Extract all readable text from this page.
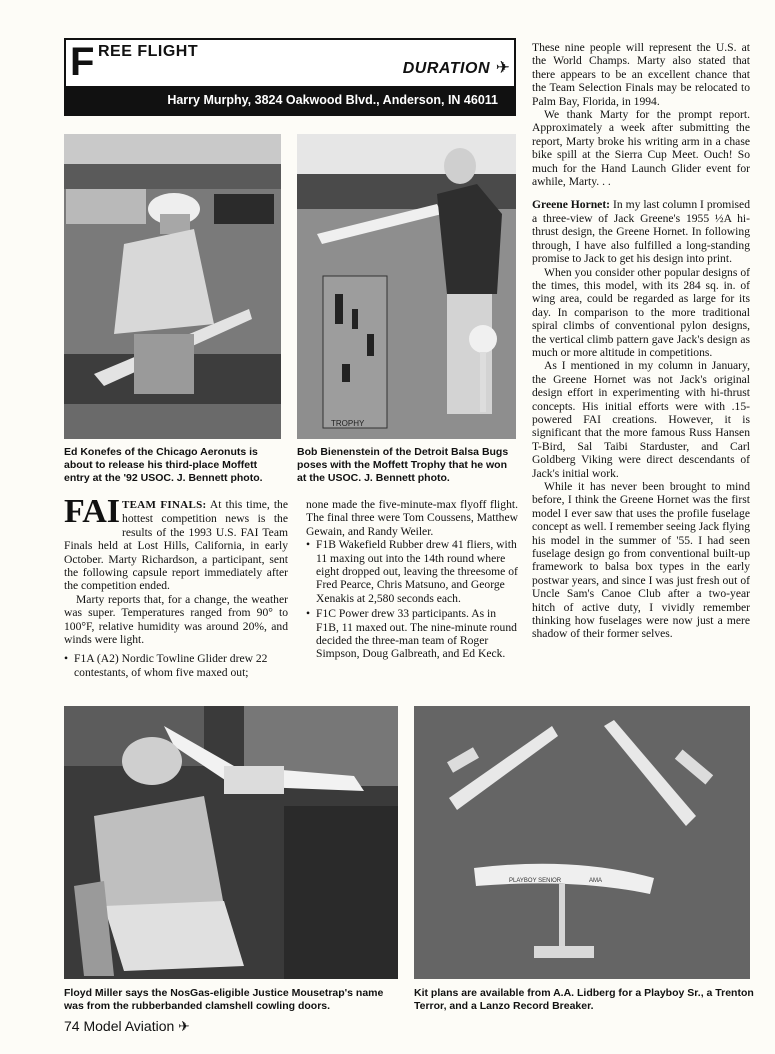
F REE FLIGHT
DURATION ✈
Harry Murphy, 3824 Oakwood Blvd., Anderson, IN 46011
Ed Konefes of the Chicago Aeronuts is about to release his third-place Moffett entry at the '92 USOC. J. Bennett photo.
TROPHY
Bob Bienenstein of the Detroit Balsa Bugs poses with the Moffett Trophy that he won at the USOC. J. Bennett photo.

FAI TEAM FINALS: At this time, the hottest competition news is the results of the 1993 U.S. FAI Team Finals held at Lost Hills, California, in early October. Marty Richardson, a participant, sent the following capsule report immediately after the competition ended.

Marty reports that, for a change, the weather was super. Temperatures ranged from 90° to 100°F, relative humidity was around 20%, and winds were light.

• F1A (A2) Nordic Towline Glider drew 22 contestants, of whom five maxed out;

none made the five-minute-max flyoff flight. The final three were Tom Coussens, Matthew Gewain, and Randy Weiler.

• F1B Wakefield Rubber drew 41 fliers, with 11 maxing out into the 14th round where eight dropped out, leaving the threesome of Fred Pearce, Chris Matsuno, and George Xenakis at 2,580 seconds each.
• F1C Power drew 33 participants. As in F1B, 11 maxed out. The nine-minute round decided the three-man team of Roger Simpson, Doug Galbreath, and Ed Keck.

These nine people will represent the U.S. at the World Champs. Marty also stated that there appears to be an excellent chance that the Team Selection Finals may be relocated to Palm Bay, Florida, in 1994.

We thank Marty for the prompt report. Approximately a week after submitting the report, Marty broke his writing arm in a chase bike spill at the Sierra Cup Meet. Ouch! So much for the Hand Launch Glider event for awhile, Marty. . .

Greene Hornet: In my last column I promised a three-view of Jack Greene's 1955 ½A hi-thrust design, the Greene Hornet. In following through, I have also fulfilled a long-standing promise to Jack to get his design into print.

When you consider other popular designs of the times, this model, with its 284 sq. in. of wing area, could be regarded as large for its day. In comparison to the more traditional spiral climbs of conventional pylon designs, the vertical climb pattern gave Jack's design as much or more altitude in competitions.

As I mentioned in my column in January, the Greene Hornet was not Jack's original design effort in experimenting with hi-thrust concepts. His initial efforts were with .15-powered FAI creations. However, it is significant that the more famous Russ Hansen T-Bird, Sal Taibi Starduster, and Carl Goldberg Viking were direct descendants of Jack's initial work.

While it has never been brought to mind before, I think the Greene Hornet was the first model I ever saw that uses the profile fuselage concept as well. I remember seeing Jack flying his model in the summer of '55. I had seen fuselage design go from conventional built-up framework to balsa box types in the early postwar years, and since I was just fresh out of Uncle Sam's Canoe Club after a two-year hitch of active duty, I vividly remember thinking how fuselages were now just a mere shadow of their former selves.

Floyd Miller says the NosGas-eligible Justice Mousetrap's name was from the rubberbanded clamshell cowling doors.
PLAYBOY SENIOR	AMA
Kit plans are available from A.A. Lidberg for a Playboy Sr., a Trenton Terror, and a Lanzo Record Breaker.
74 Model Aviation ✈
